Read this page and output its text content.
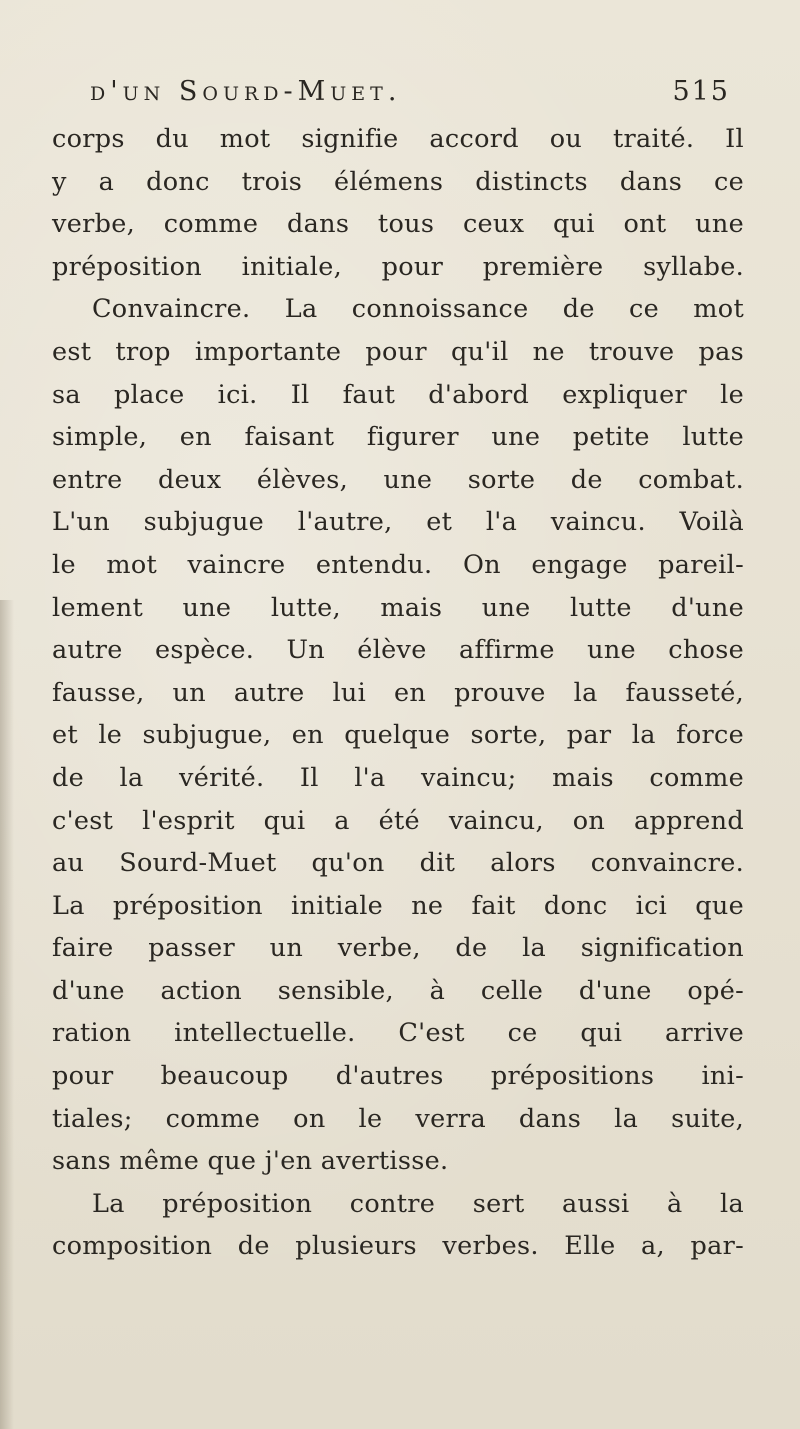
d'un Sourd-Muet.	515
corps du mot signifie accord ou traité. Il
y a donc trois élémens distincts dans ce
verbe, comme dans tous ceux qui ont une
préposition initiale, pour première syllabe.
Convaincre. La connoissance de ce mot
est trop importante pour qu'il ne trouve pas
sa place ici. Il faut d'abord expliquer le
simple, en faisant figurer une petite lutte
entre deux élèves, une sorte de combat.
L'un subjugue l'autre, et l'a vaincu. Voilà
le mot vaincre entendu. On engage pareil-
lement une lutte, mais une lutte d'une
autre espèce. Un élève affirme une chose
fausse, un autre lui en prouve la fausseté,
et le subjugue, en quelque sorte, par la force
de la vérité. Il l'a vaincu; mais comme
c'est l'esprit qui a été vaincu, on apprend
au Sourd-Muet qu'on dit alors convaincre.
La préposition initiale ne fait donc ici que
faire passer un verbe, de la signification
d'une action sensible, à celle d'une opé-
ration intellectuelle. C'est ce qui arrive
pour beaucoup d'autres prépositions ini-
tiales; comme on le verra dans la suite,
sans même que j'en avertisse.
La préposition contre sert aussi à la
composition de plusieurs verbes. Elle a, par-
